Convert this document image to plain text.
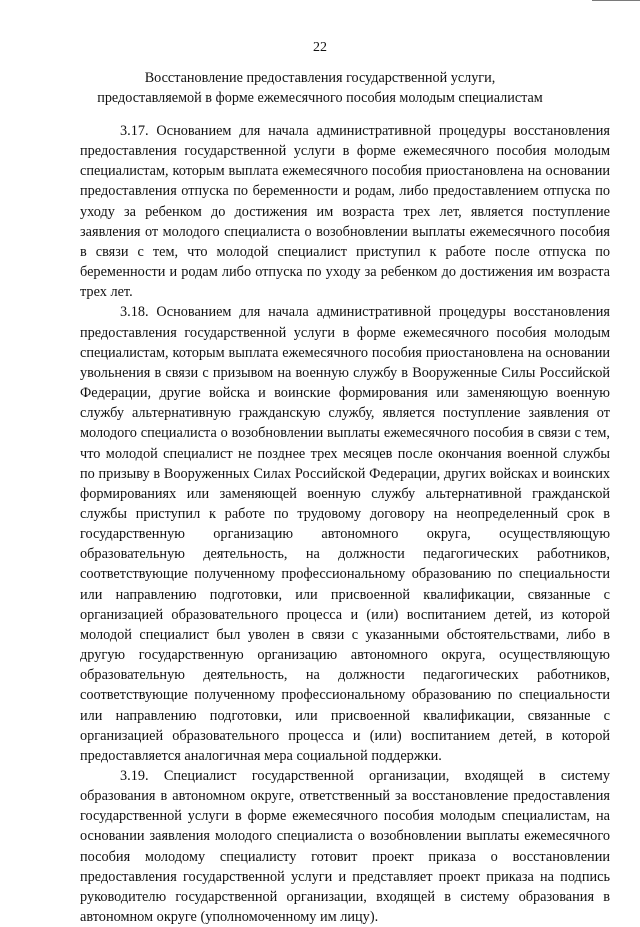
22
Восстановление предоставления государственной услуги,
предоставляемой в форме ежемесячного пособия молодым специалистам

3.17. Основанием для начала административной процедуры восстановления предоставления государственной услуги в форме ежемесячного пособия молодым специалистам, которым выплата ежемесячного пособия приостановлена на основании предоставления отпуска по беременности и родам, либо предоставлением отпуска по уходу за ребенком до достижения им возраста трех лет, является поступление заявления от молодого специалиста о возобновлении выплаты ежемесячного пособия в связи с тем, что молодой специалист приступил к работе после отпуска по беременности и родам либо отпуска по уходу за ребенком до достижения им возраста трех лет.

3.18. Основанием для начала административной процедуры восстановления предоставления государственной услуги в форме ежемесячного пособия молодым специалистам, которым выплата ежемесячного пособия приостановлена на основании увольнения в связи с призывом на военную службу в Вооруженные Силы Российской Федерации, другие войска и воинские формирования или заменяющую военную службу альтернативную гражданскую службу, является поступление заявления от молодого специалиста о возобновлении выплаты ежемесячного пособия в связи с тем, что молодой специалист не позднее трех месяцев после окончания военной службы по призыву в Вооруженных Силах Российской Федерации, других войсках и воинских формированиях или заменяющей военную службу альтернативной гражданской службы приступил к работе по трудовому договору на неопределенный срок в государственную организацию автономного округа, осуществляющую образовательную деятельность, на должности педагогических работников, соответствующие полученному профессиональному образованию по специальности или направлению подготовки, или присвоенной квалификации, связанные с организацией образовательного процесса и (или) воспитанием детей, из которой молодой специалист был уволен в связи с указанными обстоятельствами, либо в другую государственную организацию автономного округа, осуществляющую образовательную деятельность, на должности педагогических работников, соответствующие полученному профессиональному образованию по специальности или направлению подготовки, или присвоенной квалификации, связанные с организацией образовательного процесса и (или) воспитанием детей, в которой предоставляется аналогичная мера социальной поддержки.

3.19. Специалист государственной организации, входящей в систему образования в автономном округе, ответственный за восстановление предоставления государственной услуги в форме ежемесячного пособия молодым специалистам, на основании заявления молодого специалиста о возобновлении выплаты ежемесячного пособия молодому специалисту готовит проект приказа о восстановлении предоставления государственной услуги и представляет проект приказа на подпись руководителю государственной организации, входящей в систему образования в автономном округе (уполномоченному им лицу).
